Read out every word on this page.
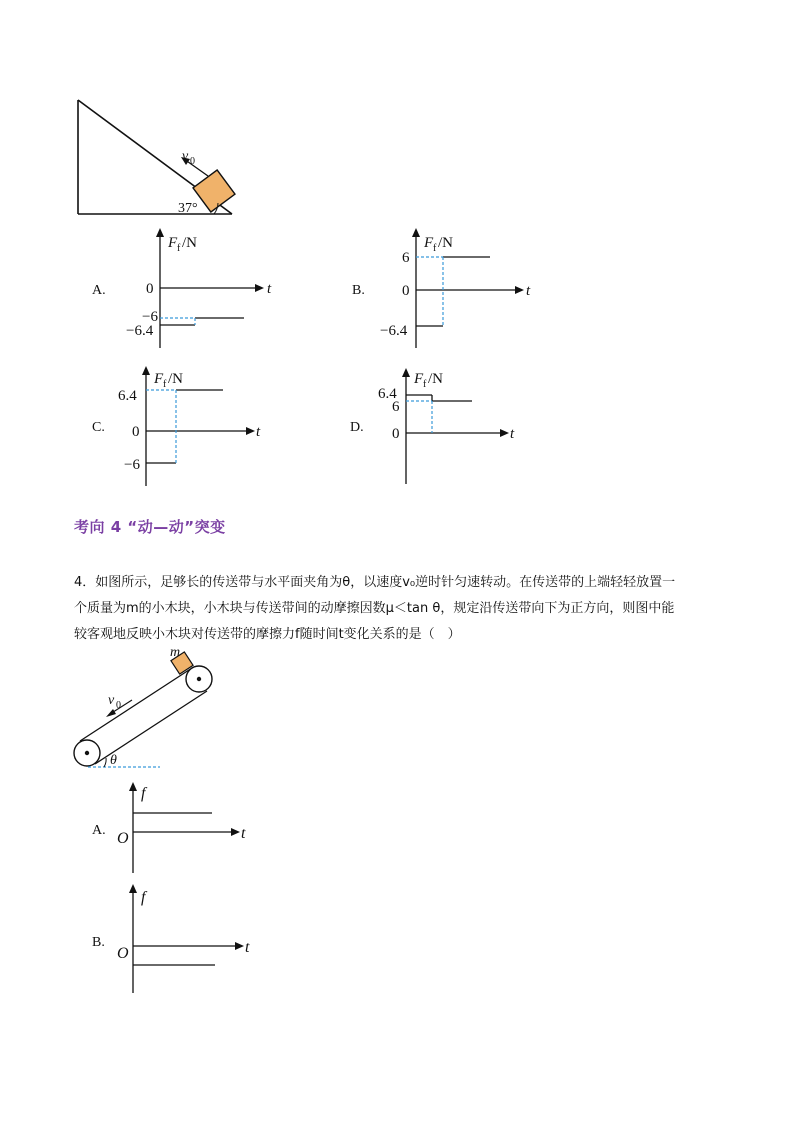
v 0
37°
A.
F f /N
t
0
−6
−6.4
B.
F f /N
t
6
0
−6.4
C.
F f /N
t
6.4
0
−6
D.
F f /N
t
6.4
6
0
考向 4 “动—动”突变
4．如图所示，足够长的传送带与水平面夹角为θ，以速度v₀逆时针匀速转动。在传送带的上端轻轻放置一
个质量为m的小木块，小木块与传送带间的动摩擦因数μ＜tan θ，规定沿传送带向下为正方向，则图中能
较客观地反映小木块对传送带的摩擦力f随时间t变化关系的是（　）
m
v 0
θ
A.
f
O	t
B.
f
O	t
